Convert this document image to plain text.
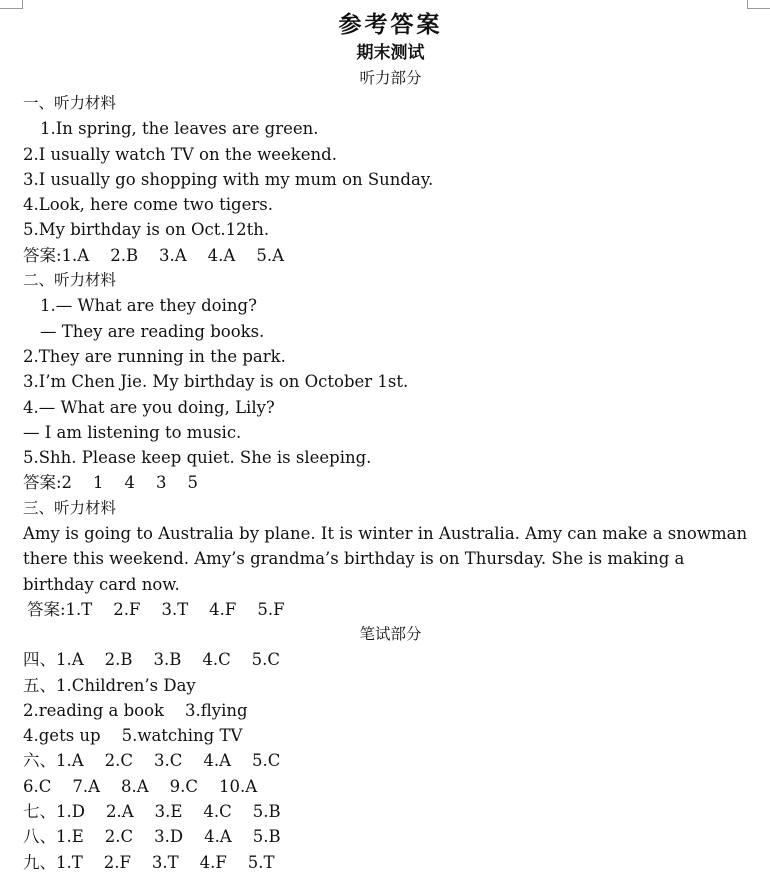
参考答案
期末测试
听力部分
一、听力材料
1.In spring, the leaves are green.
2.I usually watch TV on the weekend.
3.I usually go shopping with my mum on Sunday.
4.Look, here come two tigers.
5.My birthday is on Oct.12th.
答案:1.A    2.B    3.A    4.A    5.A
二、听力材料
1.— What are they doing?
— They are reading books.
2.They are running in the park.
3.I’m Chen Jie. My birthday is on October 1st.
4.— What are you doing, Lily?
— I am listening to music.
5.Shh. Please keep quiet. She is sleeping.
答案:2    1    4    3    5
三、听力材料
Amy is going to Australia by plane. It is winter in Australia. Amy can make a snowman there this weekend. Amy’s grandma’s birthday is on Thursday. She is making a birthday card now.
答案:1.T    2.F    3.T    4.F    5.F
笔试部分
四、1.A    2.B    3.B    4.C    5.C
五、1.Children’s Day
2.reading a book    3.flying
4.gets up    5.watching TV
六、1.A    2.C    3.C    4.A    5.C
6.C    7.A    8.A    9.C    10.A
七、1.D    2.A    3.E    4.C    5.B
八、1.E    2.C    3.D    4.A    5.B
九、1.T    2.F    3.T    4.F    5.T
